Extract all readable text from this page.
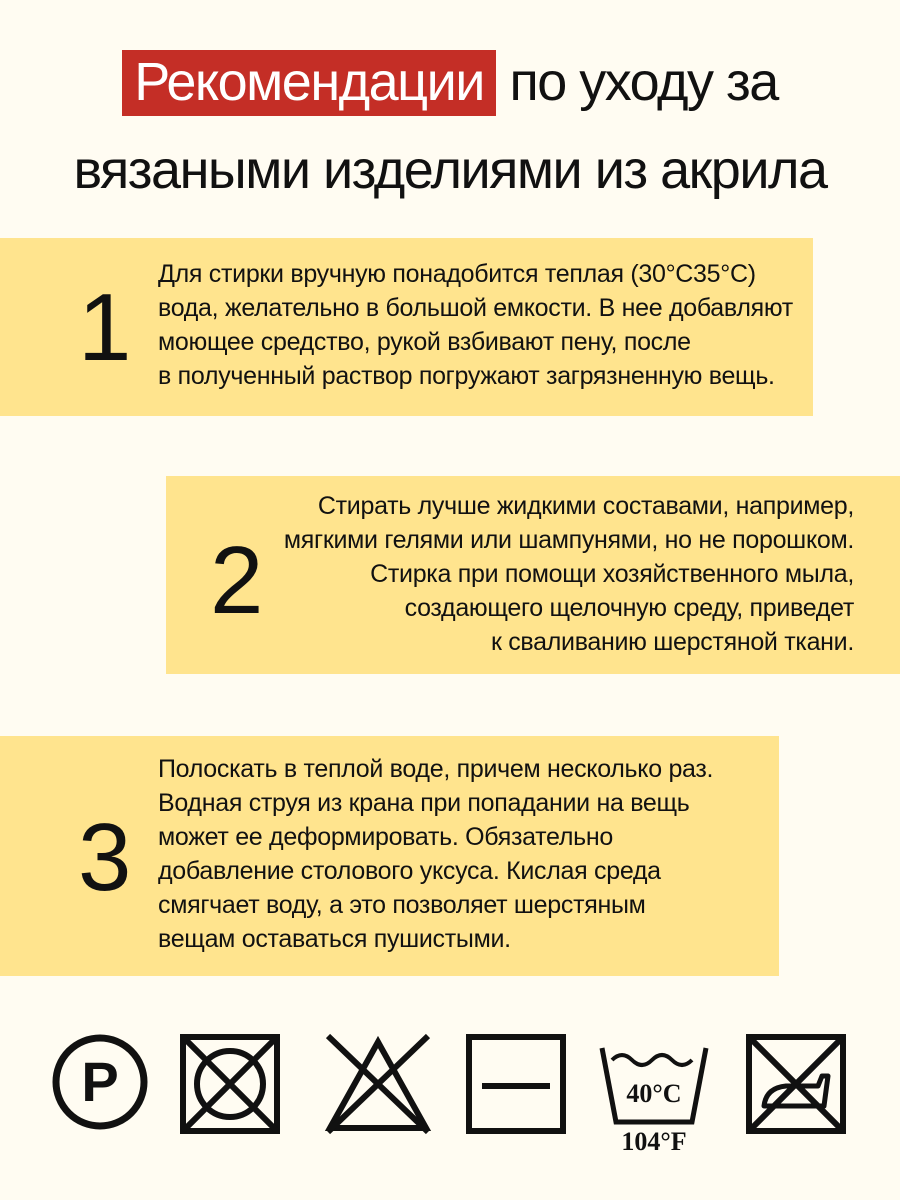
Рекомендации по уходу за
вязаными изделиями из акрила
1 Для стирки вручную понадобится теплая (30°C35°C)
вода, желательно в большой емкости. В нее добавляют
моющее средство, рукой взбивают пену, после
в полученный раствор погружают загрязненную вещь.
2
Стирать лучше жидкими составами, например,
мягкими гелями или шампунями, но не порошком.
Стирка при помощи хозяйственного мыла,
создающего щелочную среду, приведет
к сваливанию шерстяной ткани.
3
Полоскать в теплой воде, причем несколько раз.
Водная струя из крана при попадании на вещь
может ее деформировать. Обязательно
добавление столового уксуса. Кислая среда
смягчает воду, а это позволяет шерстяным
вещам оставаться пушистыми.
P	40°C
104°F
